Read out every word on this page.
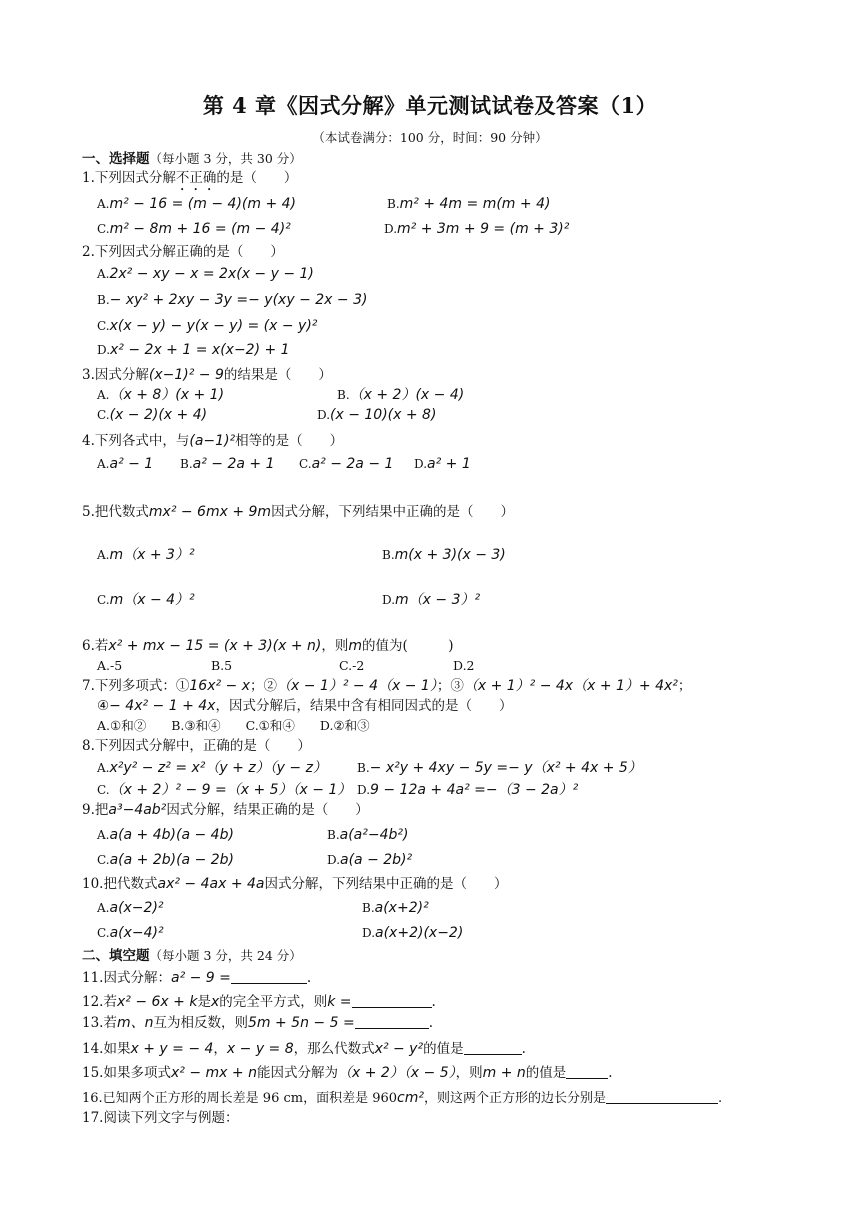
第 4 章《因式分解》单元测试试卷及答案（1）
（本试卷满分：100 分，时间：90 分钟）
一、选择题（每小题 3 分，共 30 分）
1.下列因式分解不正确的是（　　）
A.m² − 16 = (m − 4)(m + 4)	B.m² + 4m = m(m + 4)
C.m² − 8m + 16 = (m − 4)²	D.m² + 3m + 9 = (m + 3)²
2.下列因式分解正确的是（　　）
A.2x² − xy − x = 2x(x − y − 1)
B.− xy² + 2xy − 3y =− y(xy − 2x − 3)
C.x(x − y) − y(x − y) = (x − y)²
D.x² − 2x + 1 = x(x−2) + 1
3.因式分解(x−1)² − 9的结果是（　　）
A.（x + 8）(x + 1)	B.（x + 2）(x − 4)
C.(x − 2)(x + 4)	D.(x − 10)(x + 8)
4.下列各式中，与(a−1)²相等的是（　　）
A.a² − 1 B.a² − 2a + 1 C.a² − 2a − 1 D.a² + 1
5.把代数式mx² − 6mx + 9m因式分解，下列结果中正确的是（　　）
A.m（x + 3）²	B.m(x + 3)(x − 3)
C.m（x − 4）²	D.m（x − 3）²
6.若x² + mx − 15 = (x + 3)(x + n)，则m的值为(　　　)
A.-5	B.5	C.-2	D.2
7.下列多项式：①16x² − x；②（x − 1）² − 4（x − 1）；③（x + 1）² − 4x（x + 1）+ 4x²；
④− 4x² − 1 + 4x，因式分解后，结果中含有相同因式的是（　　）
A.①和②　　B.③和④　　C.①和④　　D.②和③
8.下列因式分解中，正确的是（　　）
A.x²y² − z² = x²（y + z）（y − z）	B.− x²y + 4xy − 5y =− y（x² + 4x + 5）
C.（x + 2）² − 9 =（x + 5）（x − 1） D.9 − 12a + 4a² =−（3 − 2a）²
9.把a³−4ab²因式分解，结果正确的是（　　）
A.a(a + 4b)(a − 4b)	B.a(a²−4b²)
C.a(a + 2b)(a − 2b)	D.a(a − 2b)²
10.把代数式ax² − 4ax + 4a因式分解，下列结果中正确的是（　　）
A.a(x−2)²	B.a(x+2)²
C.a(x−4)²	D.a(x+2)(x−2)
二、填空题（每小题 3 分，共 24 分）
11.因式分解：a² − 9 =	.
12.若x² − 6x + k是x的完全平方式，则k =	.
13.若m、n互为相反数，则5m + 5n − 5 =	.
14.如果x + y = − 4，x − y = 8，那么代数式x² − y²的值是	.
15.如果多项式x² − mx + n能因式分解为（x + 2）（x − 5），则m + n的值是	.
16.已知两个正方形的周长差是 96 cm，面积差是 960cm²，则这两个正方形的边长分别是	.
17.阅读下列文字与例题：
